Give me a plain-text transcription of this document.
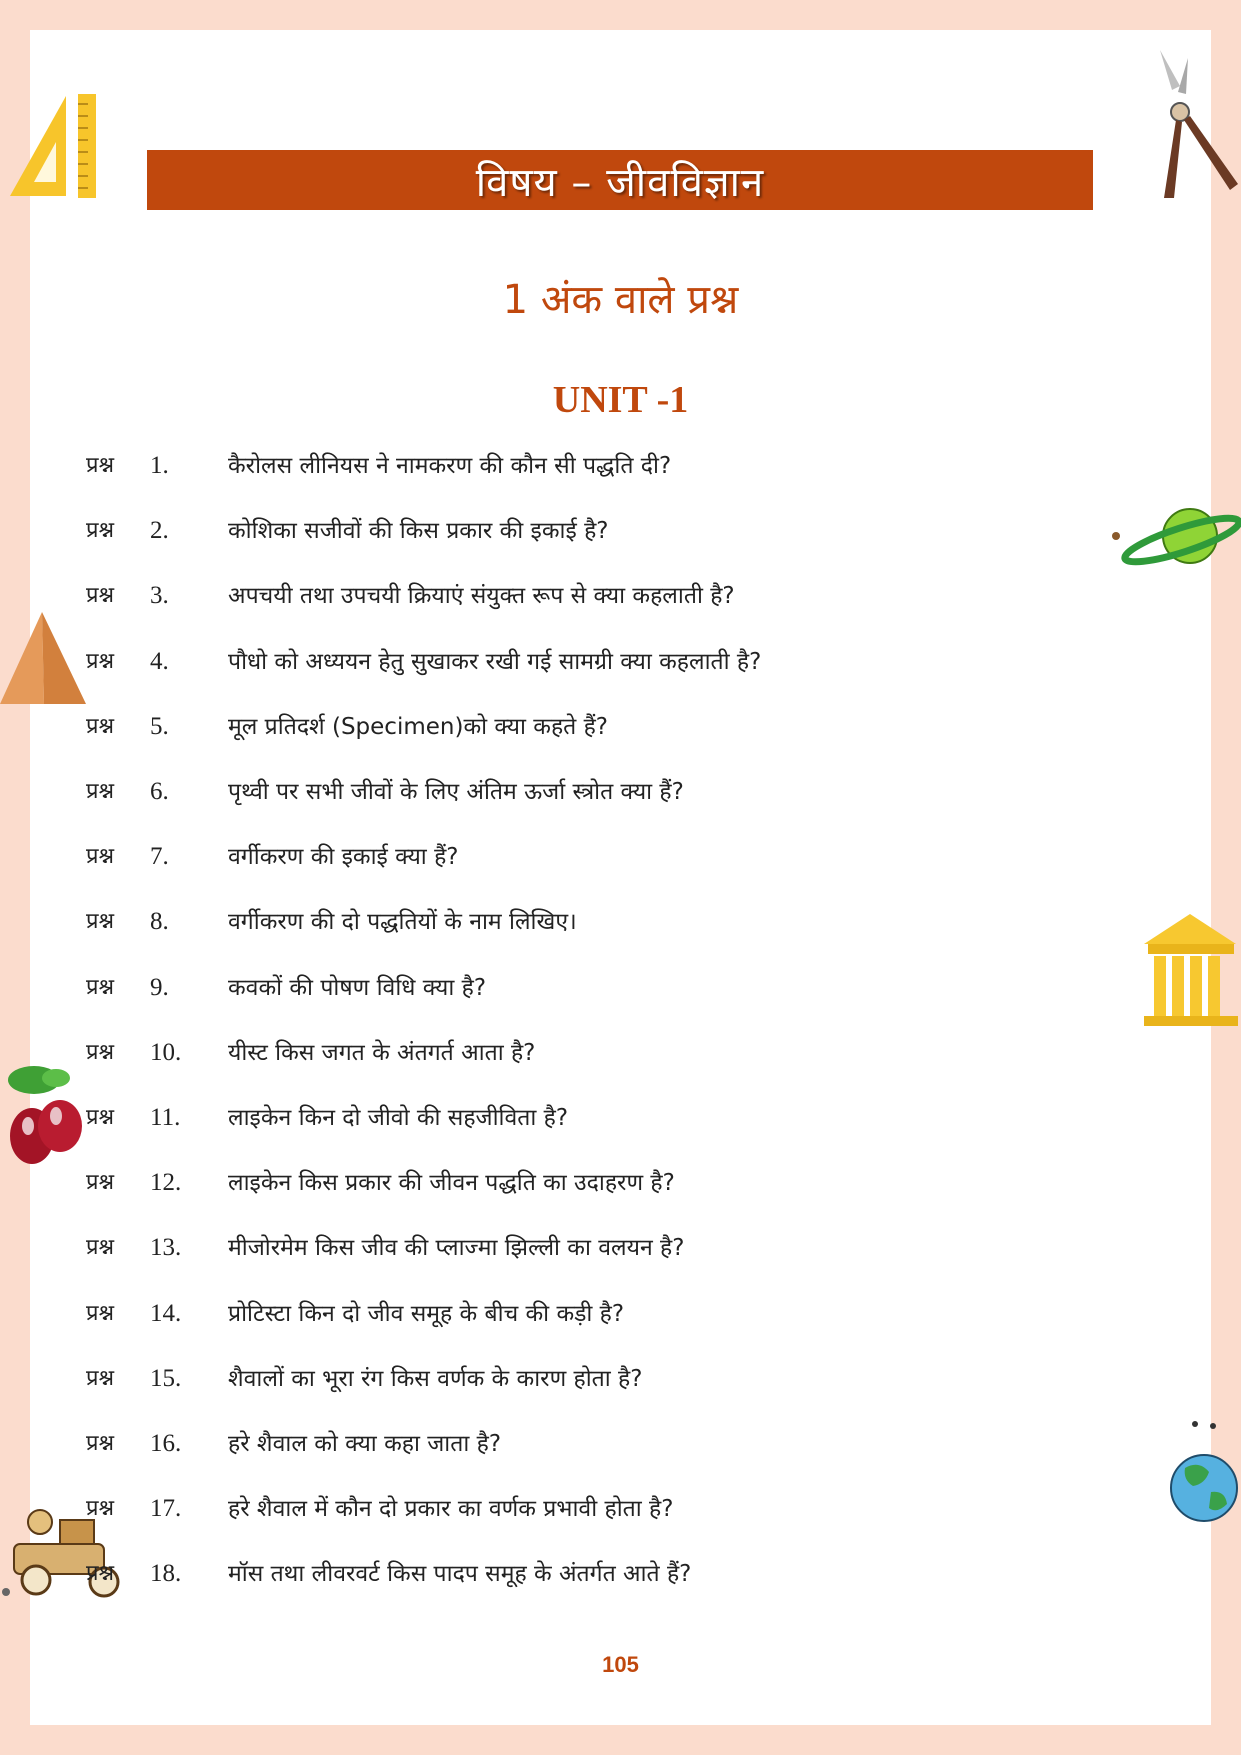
विषय – जीवविज्ञान
1 अंक वाले प्रश्न
UNIT -1
प्रश्न 1.	कैरोलस लीनियस ने नामकरण की कौन सी पद्धति दी?
प्रश्न 2.	कोशिका सजीवों की किस प्रकार की इकाई है?
प्रश्न 3.	अपचयी तथा उपचयी क्रियाएं संयुक्त रूप से क्या कहलाती है?
प्रश्न 4.	पौधो को अध्ययन हेतु सुखाकर रखी गई सामग्री क्या कहलाती है?
प्रश्न 5.	मूल प्रतिदर्श (Specimen)को क्या कहते हैं?
प्रश्न 6.	पृथ्वी पर सभी जीवों के लिए अंतिम ऊर्जा स्त्रोत क्या हैं?
प्रश्न 7.	वर्गीकरण की इकाई क्या हैं?
प्रश्न 8.	वर्गीकरण की दो पद्धतियों के नाम लिखिए।
प्रश्न 9.	कवकों की पोषण विधि क्या है?
प्रश्न 10. यीस्ट किस जगत के अंतगर्त आता है?
प्रश्न 11. लाइकेन किन दो जीवो की सहजीविता है?
प्रश्न 12. लाइकेन किस प्रकार की जीवन पद्धति का उदाहरण है?
प्रश्न 13. मीजोरमेम किस जीव की प्लाज्मा झिल्ली का वलयन है?
प्रश्न 14. प्रोटिस्टा किन दो जीव समूह के बीच की कड़ी है?
प्रश्न 15. शैवालों का भूरा रंग किस वर्णक के कारण होता है?
प्रश्न 16. हरे शैवाल को क्या कहा जाता है?
प्रश्न 17. हरे शैवाल में कौन दो प्रकार का वर्णक प्रभावी होता है?
प्रश्न 18. मॉस तथा लीवरवर्ट किस पादप समूह के अंतर्गत आते हैं?
105
